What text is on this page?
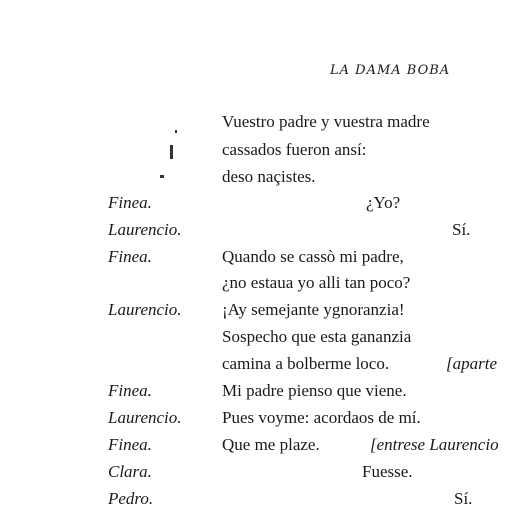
LA DAMA BOBA
Vuestro padre y vuestra madre
cassados fueron ansí:
deso naçistes.
Finea.	¿Yo?
Laurencio.	Sí.
Finea.	Quando se cassò mi padre,
¿no estaua yo alli tan poco?
Laurencio. ¡Ay semejante ygnoranzia!
Sospecho que esta gananzia
camina a bolberme loco.	[aparte
Finea.	Mi padre pienso que viene.
Laurencio. Pues voyme: acordaos de mí.
Finea.	Que me plaze.	[entrese Laurencio
Clara.	Fuesse.
Pedro.	Sí.
